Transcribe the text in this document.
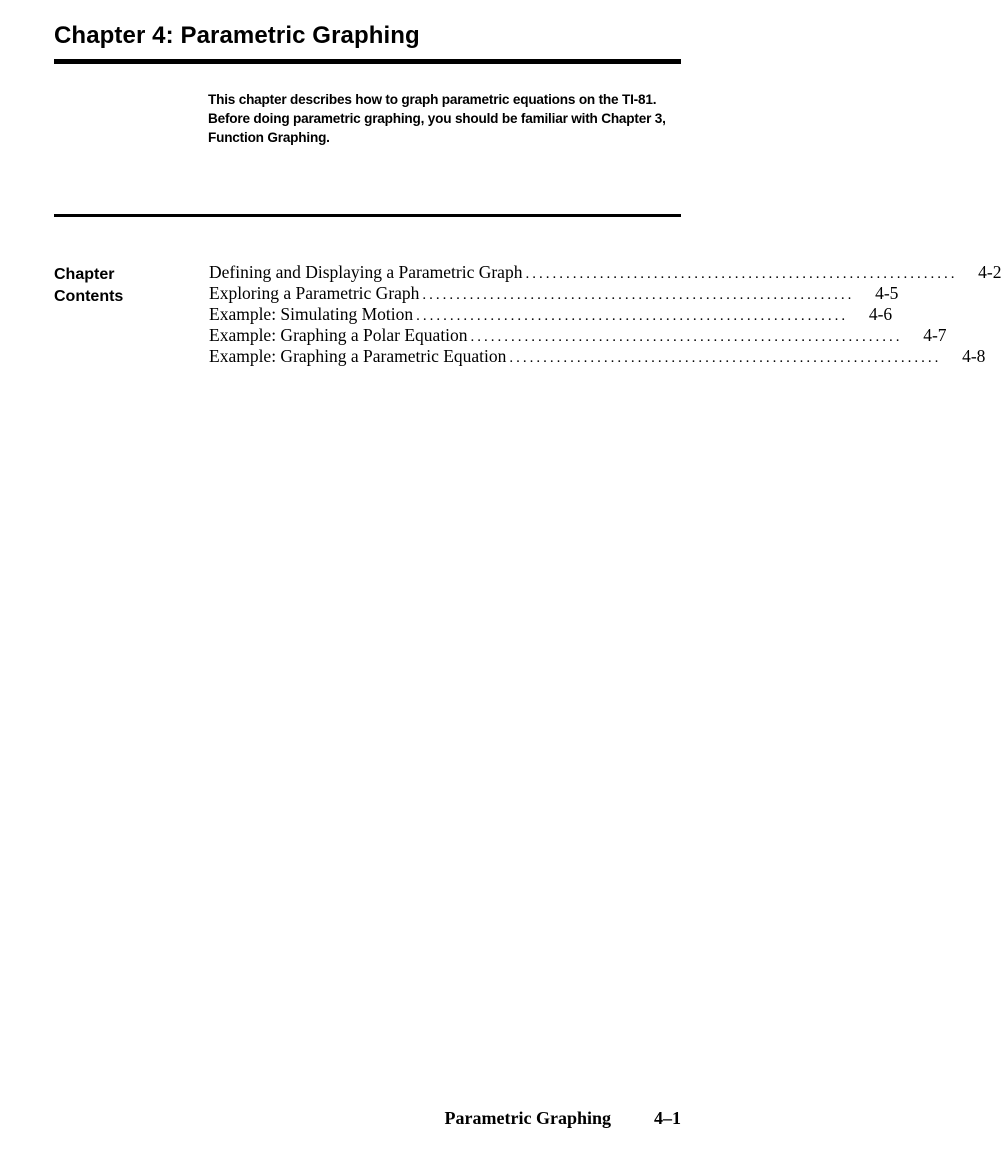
Chapter 4: Parametric Graphing

This chapter describes how to graph parametric equations on the TI-81. Before doing parametric graphing, you should be familiar with Chapter 3, Function Graphing.

Chapter
Contents
Defining and Displaying a Parametric Graph ................................................................	4-2
Exploring a Parametric Graph ................................................................	4-5
Example: Simulating Motion ................................................................	4-6
Example: Graphing a Polar Equation ................................................................	4-7
Example: Graphing a Parametric Equation ................................................................	4-8
Parametric Graphing 4–1
